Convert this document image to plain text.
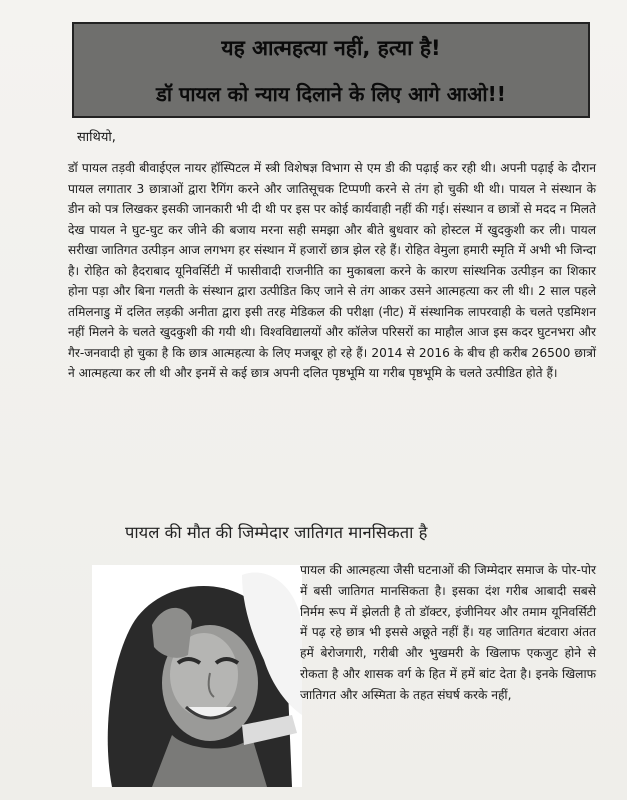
यह आत्महत्या नहीं, हत्या है!
डॉ पायल को न्याय दिलाने के लिए आगे आओ!!
साथियो,
डॉ पायल तड़वी बीवाईएल नायर हॉस्पिटल में स्त्री विशेषज्ञ विभाग से एम डी की पढ़ाई कर रही थी। अपनी पढ़ाई के दौरान पायल लगातार 3 छात्राओं द्वारा रैगिंग करने और जातिसूचक टिप्पणी करने से तंग हो चुकी थी थी। पायल ने संस्थान के डीन को पत्र लिखकर इसकी जानकारी भी दी थी पर इस पर कोई कार्यवाही नहीं की गई। संस्थान व छात्रों से मदद न मिलते देख पायल ने घुट-घुट कर जीने की बजाय मरना सही समझा और बीते बुधवार को होस्टल में खुदकुशी कर ली। पायल सरीखा जातिगत उत्पीड़न आज लगभग हर संस्थान में हजारों छात्र झेल रहे हैं। रोहित वेमुला हमारी स्मृति में अभी भी जिन्दा है। रोहित को हैदराबाद यूनिवर्सिटी में फासीवादी राजनीति का मुकाबला करने के कारण सांस्थनिक उत्पीड़न का शिकार होना पड़ा और बिना गलती के संस्थान द्वारा उत्पीडित किए जाने से तंग आकर उसने आत्महत्या कर ली थी। 2 साल पहले तमिलनाडु में दलित लड़की अनीता द्वारा इसी तरह मेडिकल की परीक्षा (नीट) में संस्थानिक लापरवाही के चलते एडमिशन नहीं मिलने के चलते खुदकुशी की गयी थी। विश्वविद्यालयों और कॉलेज परिसरों का माहौल आज इस कदर घुटनभरा और गैर-जनवादी हो चुका है कि छात्र आत्महत्या के लिए मजबूर हो रहे हैं। 2014 से 2016 के बीच ही करीब 26500 छात्रों ने आत्महत्या कर ली थी और इनमें से कई छात्र अपनी दलित पृष्ठभूमि या गरीब पृष्ठभूमि के चलते उत्पीडित होते हैं।
पायल की मौत की जिम्मेदार जातिगत मानसिकता है
पायल की आत्महत्या जैसी घटनाओं की जिम्मेदार समाज के पोर-पोर में बसी जातिगत मानसिकता है। इसका दंश गरीब आबादी सबसे निर्मम रूप में झेलती है तो डॉक्टर, इंजीनियर और तमाम यूनिवर्सिटी में पढ़ रहे छात्र भी इससे अछूते नहीं हैं। यह जातिगत बंटवारा अंतत हमें बेरोजगारी, गरीबी और भुखमरी के खिलाफ एकजुट होने से रोकता है और शासक वर्ग के हित में हमें बांट देता है। इनके खिलाफ जातिगत और अस्मिता के तहत संघर्ष करके नहीं,
